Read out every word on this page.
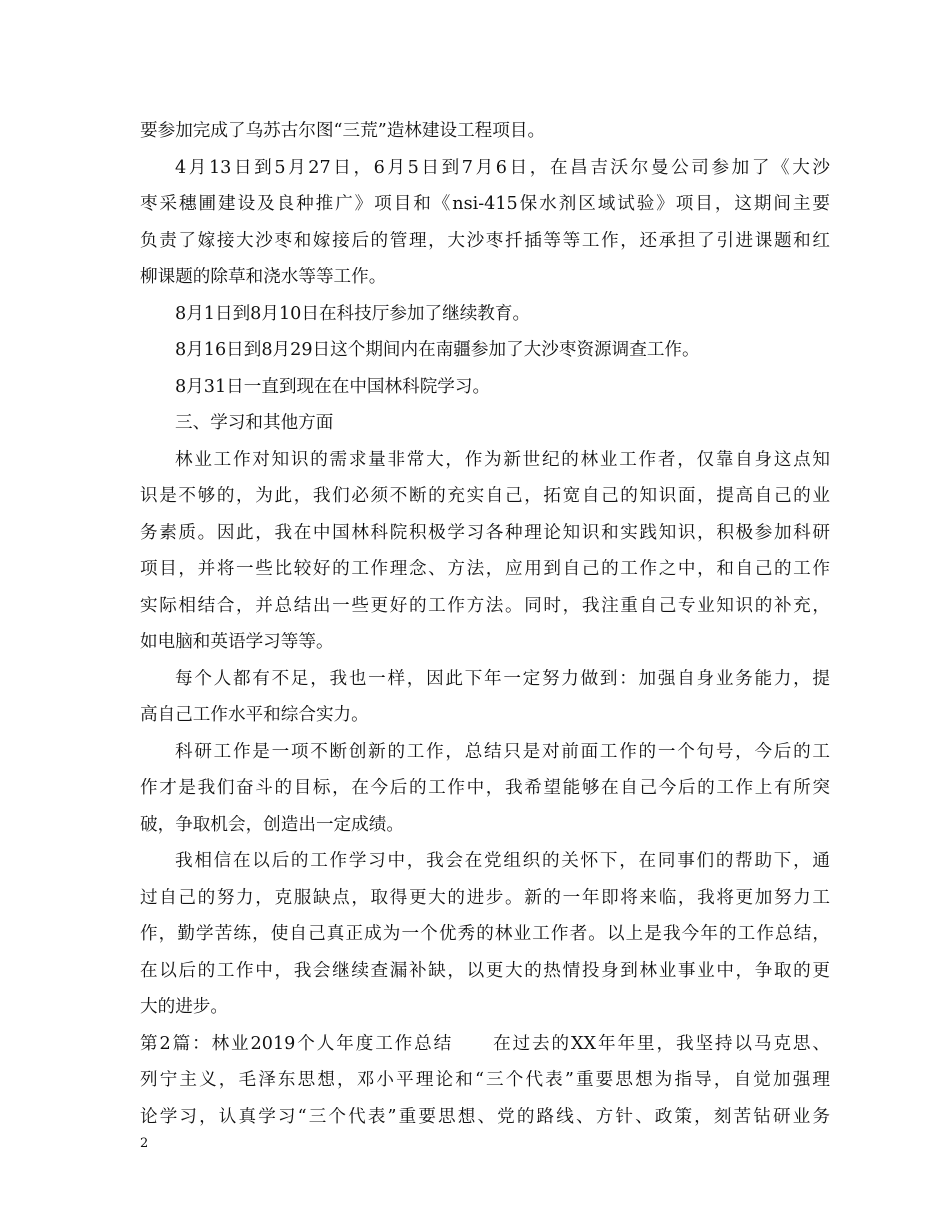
要参加完成了乌苏古尔图“三荒”造林建设工程项目。
4月13日到5月27日，6月5日到7月6日，在昌吉沃尔曼公司参加了《大沙
枣采穗圃建设及良种推广》项目和《nsi-415保水剂区域试验》项目，这期间主要
负责了嫁接大沙枣和嫁接后的管理，大沙枣扦插等等工作，还承担了引进课题和红
柳课题的除草和浇水等等工作。
8月1日到8月10日在科技厅参加了继续教育。
8月16日到8月29日这个期间内在南疆参加了大沙枣资源调查工作。
8月31日一直到现在在中国林科院学习。
三、学习和其他方面
林业工作对知识的需求量非常大，作为新世纪的林业工作者，仅靠自身这点知
识是不够的，为此，我们必须不断的充实自己，拓宽自己的知识面，提高自己的业
务素质。因此，我在中国林科院积极学习各种理论知识和实践知识，积极参加科研
项目，并将一些比较好的工作理念、方法，应用到自己的工作之中，和自己的工作
实际相结合，并总结出一些更好的工作方法。同时，我注重自己专业知识的补充，
如电脑和英语学习等等。
每个人都有不足，我也一样，因此下年一定努力做到：加强自身业务能力，提
高自己工作水平和综合实力。
科研工作是一项不断创新的工作，总结只是对前面工作的一个句号，今后的工
作才是我们奋斗的目标，在今后的工作中，我希望能够在自己今后的工作上有所突
破，争取机会，创造出一定成绩。
我相信在以后的工作学习中，我会在党组织的关怀下，在同事们的帮助下，通
过自己的努力，克服缺点，取得更大的进步。新的一年即将来临，我将更加努力工
作，勤学苦练，使自己真正成为一个优秀的林业工作者。以上是我今年的工作总结，
在以后的工作中，我会继续查漏补缺，以更大的热情投身到林业事业中，争取的更
大的进步。
第2篇：林业2019个人年度工作总结 在过去的XX年年里，我坚持以马克思、
列宁主义，毛泽东思想，邓小平理论和“三个代表”重要思想为指导，自觉加强理
论学习，认真学习“三个代表”重要思想、党的路线、方针、政策，刻苦钻研业务
2
